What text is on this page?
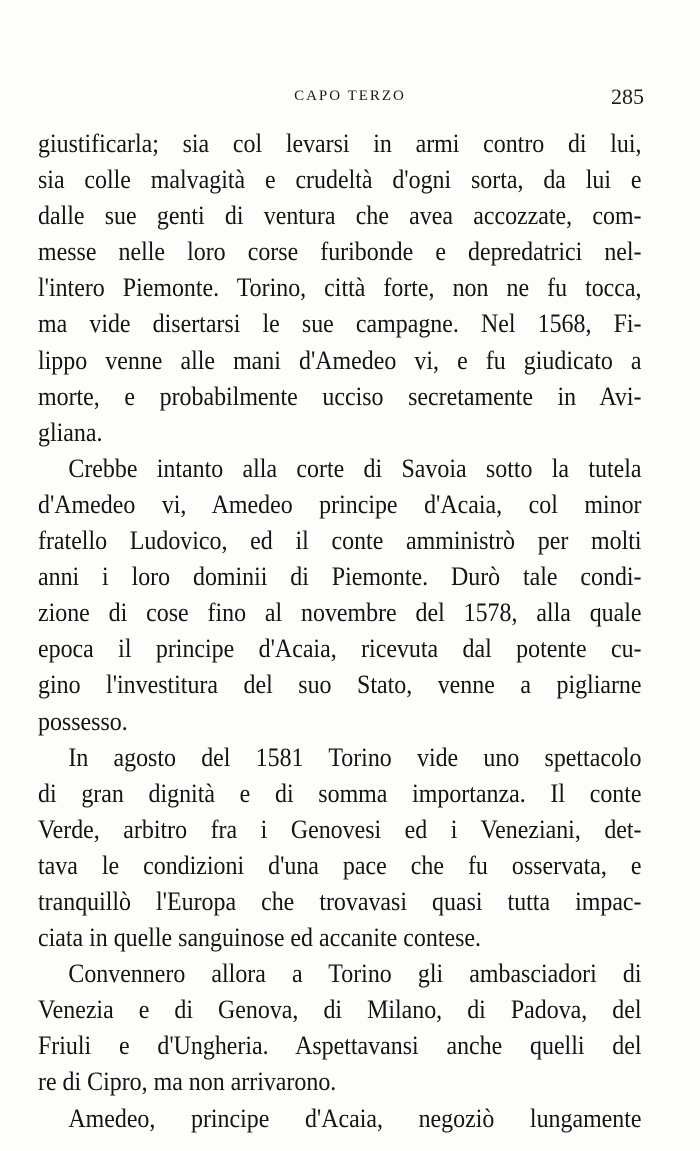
CAPO TERZO	285
giustificarla; sia col levarsi in armi contro di lui,
sia colle malvagità e crudeltà d'ogni sorta, da lui e
dalle sue genti di ventura che avea accozzate, com-
messe nelle loro corse furibonde e depredatrici nel-
l'intero Piemonte. Torino, città forte, non ne fu tocca,
ma vide disertarsi le sue campagne. Nel 1568, Fi-
lippo venne alle mani d'Amedeo vi, e fu giudicato a
morte, e probabilmente ucciso secretamente in Avi-
gliana.
Crebbe intanto alla corte di Savoia sotto la tutela
d'Amedeo vi, Amedeo principe d'Acaia, col minor
fratello Ludovico, ed il conte amministrò per molti
anni i loro dominii di Piemonte. Durò tale condi-
zione di cose fino al novembre del 1578, alla quale
epoca il principe d'Acaia, ricevuta dal potente cu-
gino l'investitura del suo Stato, venne a pigliarne
possesso.
In agosto del 1581 Torino vide uno spettacolo
di gran dignità e di somma importanza. Il conte
Verde, arbitro fra i Genovesi ed i Veneziani, det-
tava le condizioni d'una pace che fu osservata, e
tranquillò l'Europa che trovavasi quasi tutta impac-
ciata in quelle sanguinose ed accanite contese.
Convennero allora a Torino gli ambasciadori di
Venezia e di Genova, di Milano, di Padova, del
Friuli e d'Ungheria. Aspettavansi anche quelli del
re di Cipro, ma non arrivarono.
Amedeo, principe d'Acaia, negoziò lungamente
